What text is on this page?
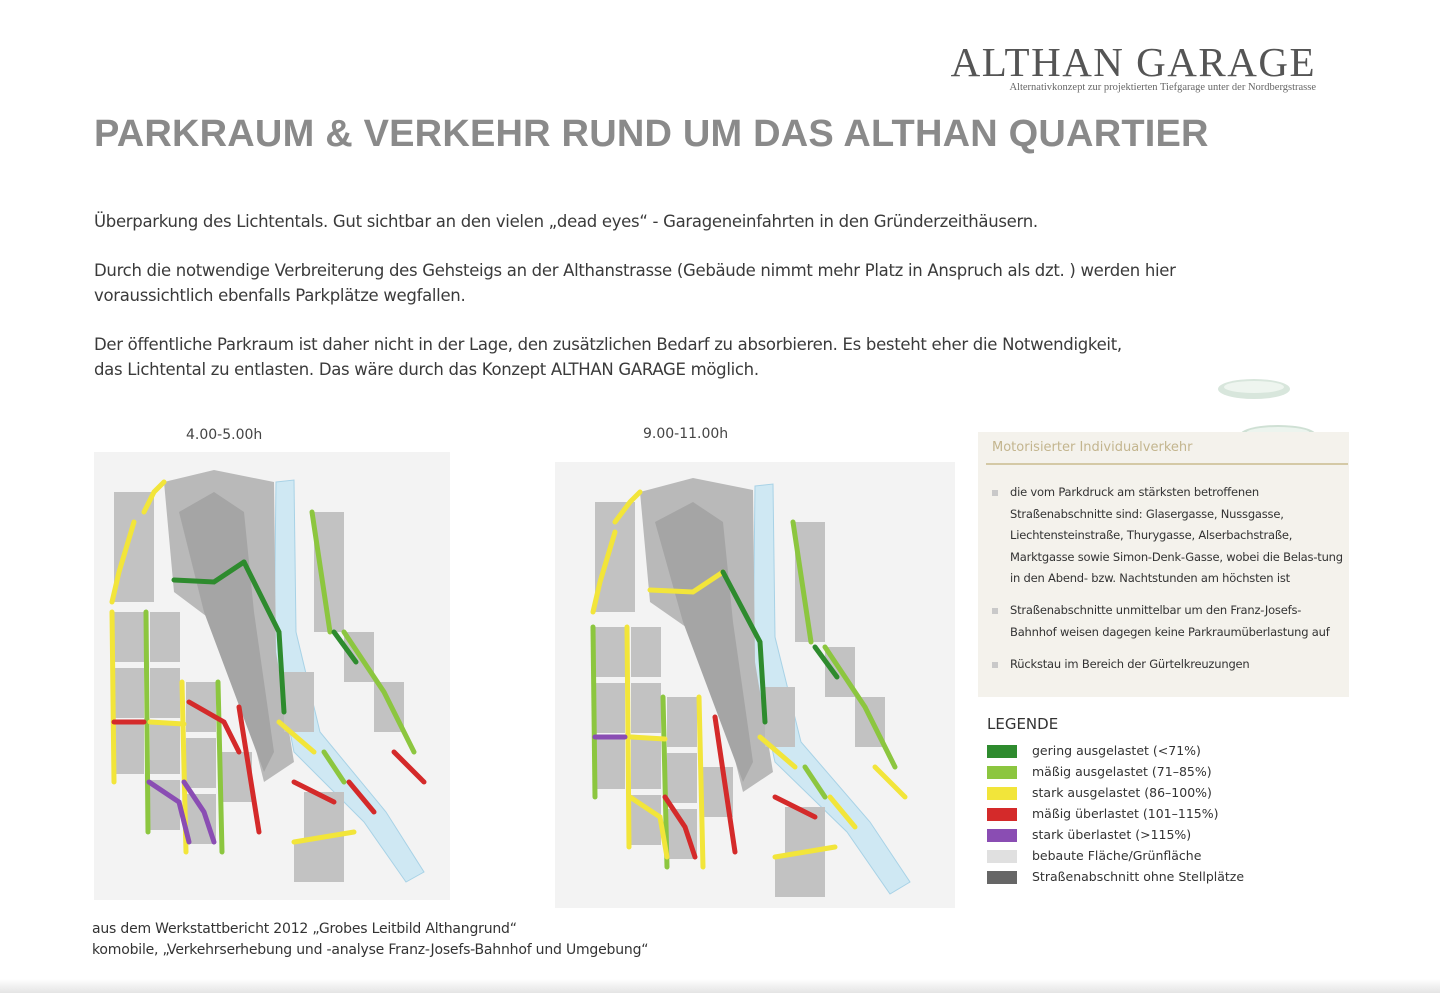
ALTHAN GARAGE
Alternativkonzept zur projektierten Tiefgarage unter der Nordbergstrasse
PARKRAUM & VERKEHR RUND UM DAS ALTHAN QUARTIER
Überparkung des Lichtentals. Gut sichtbar an den vielen „dead eyes“ - Garageneinfahrten in den Gründerzeithäusern.
Durch die notwendige Verbreiterung des Gehsteigs an der Althanstrasse (Gebäude nimmt mehr Platz in Anspruch als dzt. ) werden hier voraussichtlich ebenfalls Parkplätze wegfallen.
Der öffentliche Parkraum ist daher nicht in der Lage, den zusätzlichen Bedarf zu absorbieren. Es besteht eher die Notwendigkeit, das Lichtental zu entlasten. Das wäre durch das Konzept ALTHAN GARAGE möglich.
4.00-5.00h	9.00-11.00h
Motorisierter Individualverkehr
die vom Parkdruck am stärksten betroffenen Straßenabschnitte sind: Glasergasse, Nussgasse, Liechtensteinstraße, Thurygasse, Alserbachstraße, Marktgasse sowie Simon-Denk-Gasse, wobei die Belas-tung in den Abend- bzw. Nachtstunden am höchsten ist
Straßenabschnitte unmittelbar um den Franz-Josefs-Bahnhof weisen dagegen keine Parkraumüberlastung auf
Rückstau im Bereich der Gürtelkreuzungen
LEGENDE
gering ausgelastet (<71%)
mäßig ausgelastet (71–85%)
stark ausgelastet (86–100%)
mäßig überlastet (101–115%)
stark überlastet (>115%)
bebaute Fläche/Grünfläche
Straßenabschnitt ohne Stellplätze
aus dem Werkstattbericht 2012 „Grobes Leitbild Althangrund“
komobile, „Verkehrserhebung und -analyse Franz-Josefs-Bahnhof und Umgebung“
